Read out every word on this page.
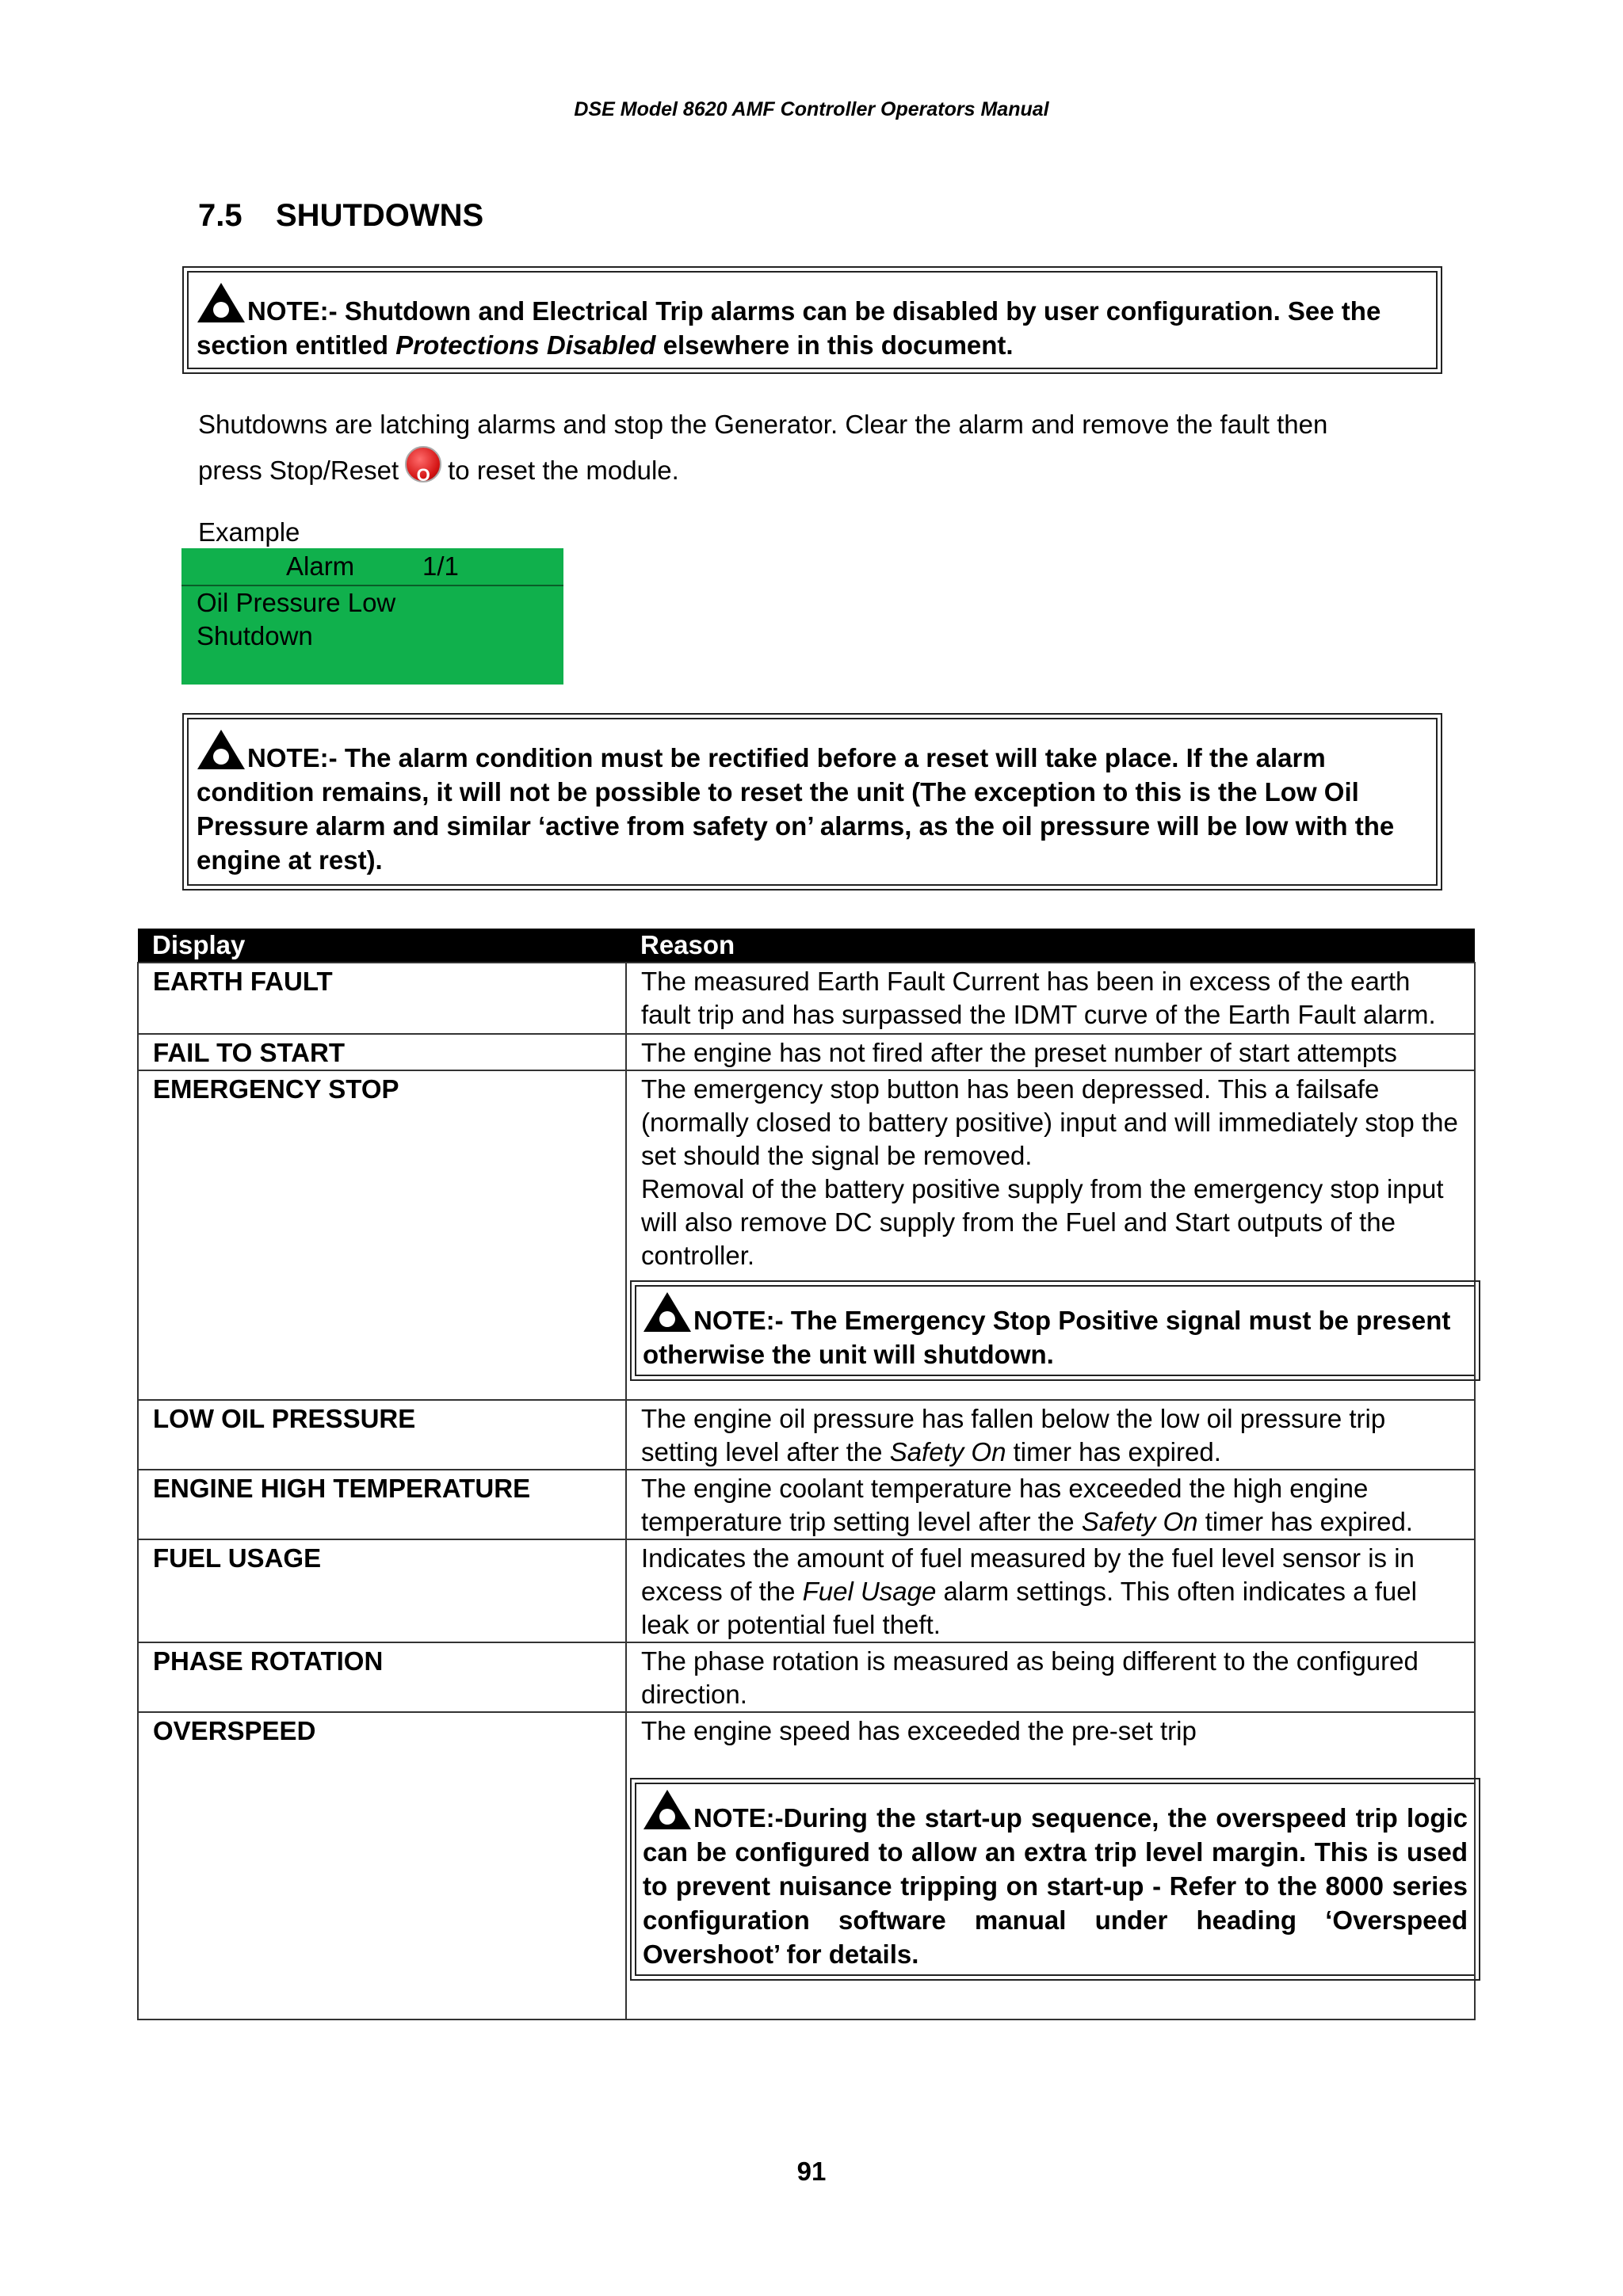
DSE Model 8620 AMF Controller Operators Manual
7.5 SHUTDOWNS
NOTE:- Shutdown and Electrical Trip alarms can be disabled by user configuration. See the section entitled Protections Disabled elsewhere in this document.
Shutdowns are latching alarms and stop the Generator. Clear the alarm and remove the fault then
press Stop/Reset	O to reset the module.
Example
Alarm	1/1
Oil Pressure Low
Shutdown
NOTE:- The alarm condition must be rectified before a reset will take place. If the alarm condition remains, it will not be possible to reset the unit (The exception to this is the Low Oil Pressure alarm and similar ‘active from safety on’ alarms, as the oil pressure will be low with the engine at rest).
Display	Reason
EARTH FAULT	The measured Earth Fault Current has been in excess of the earth fault trip and has surpassed the IDMT curve of the Earth Fault alarm.
FAIL TO START	The engine has not fired after the preset number of start attempts
EMERGENCY STOP	The emergency stop button has been depressed. This a failsafe (normally closed to battery positive) input and will immediately stop the set should the signal be removed.
Removal of the battery positive supply from the emergency stop input will also remove DC supply from the Fuel and Start outputs of the controller.
NOTE:- The Emergency Stop Positive signal must be present otherwise the unit will shutdown.

LOW OIL PRESSURE	The engine oil pressure has fallen below the low oil pressure trip setting level after the Safety On timer has expired.
ENGINE HIGH TEMPERATURE	The engine coolant temperature has exceeded the high engine temperature trip setting level after the Safety On timer has expired.
FUEL USAGE	Indicates the amount of fuel measured by the fuel level sensor is in excess of the Fuel Usage alarm settings. This often indicates a fuel leak or potential fuel theft.
PHASE ROTATION	The phase rotation is measured as being different to the configured direction.
OVERSPEED	The engine speed has exceeded the pre-set trip
NOTE:-During the start-up sequence, the overspeed trip logic can be configured to allow an extra trip level margin. This is used to prevent nuisance tripping on start-up - Refer to the 8000 series configuration software manual under heading ‘Overspeed Overshoot’ for details.
91
